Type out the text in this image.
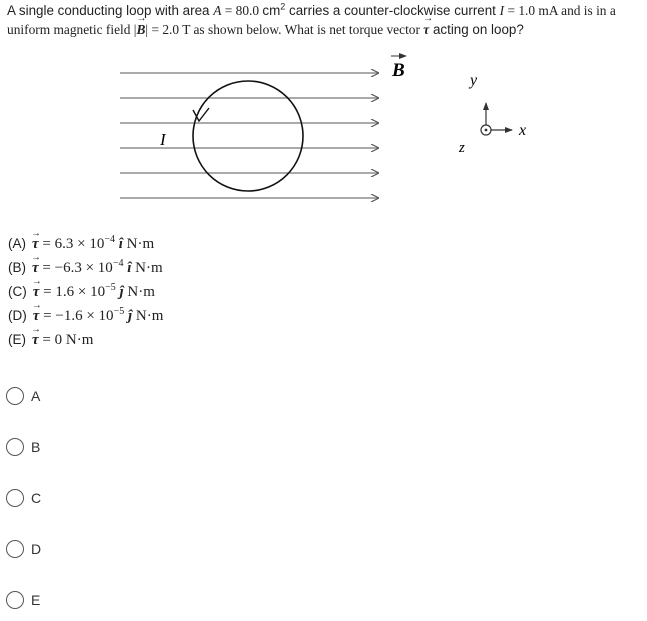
A single conducting loop with area A = 80.0 $cm^2$ carries a counter-clockwise current I = 1.0 mA and is in a uniform magnetic field |B →| = 2.0 T as shown below. What is net torque vector τ → acting on loop?
I
B	y
x
z
(A) τ → = $6.3 \times 10^{-4}$ î N·m
(B) τ → = $-6.3 \times 10^{-4}$ î N·m
(C) τ → = $1.6 \times 10^{-5}$ ĵ N·m
(D) τ → = $-1.6 \times 10^{-5}$ ĵ N·m
(E) τ → = 0 N·m
A
B
C
D
E
